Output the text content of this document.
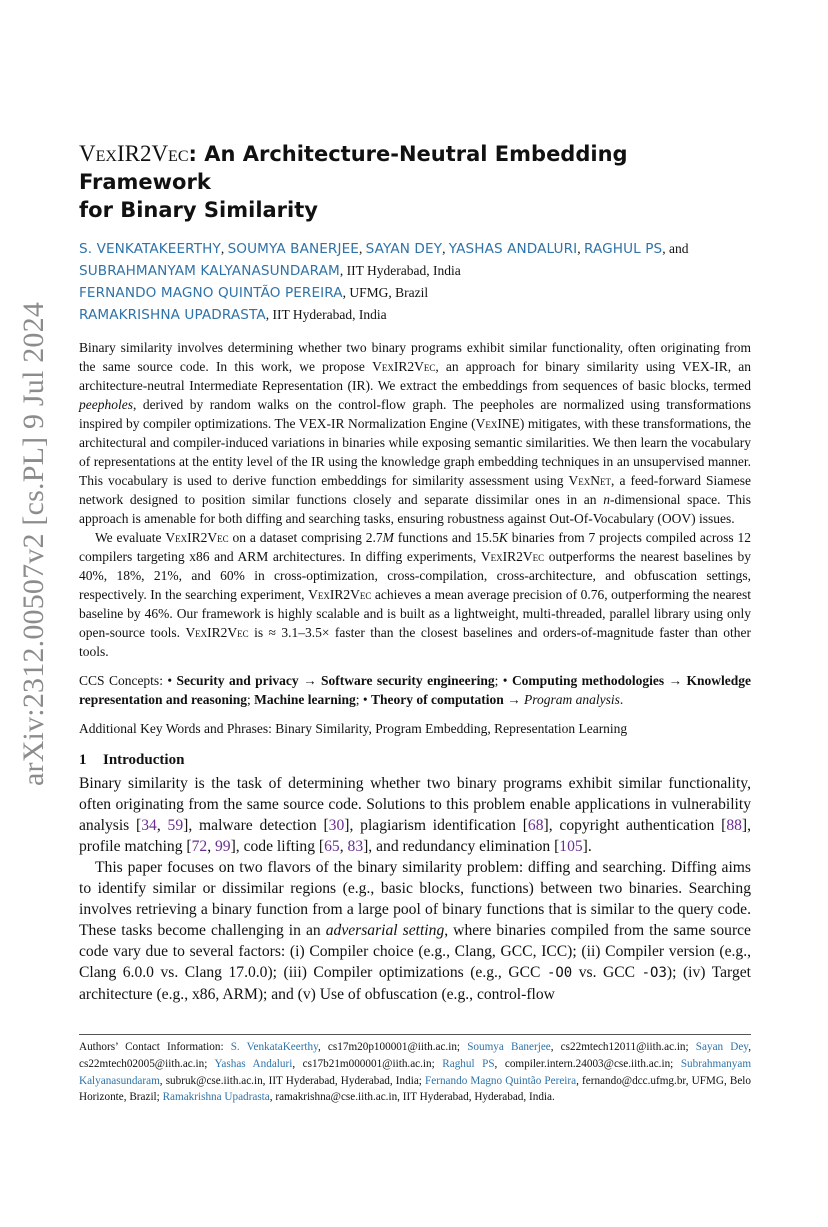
arXiv:2312.00507v2 [cs.PL] 9 Jul 2024
VexIR2Vec: An Architecture-Neutral Embedding Framework
for Binary Similarity
S. VENKATAKEERTHY, SOUMYA BANERJEE, SAYAN DEY, YASHAS ANDALURI, RAGHUL PS, and SUBRAHMANYAM KALYANASUNDARAM, IIT Hyderabad, India
FERNANDO MAGNO QUINTÃO PEREIRA, UFMG, Brazil
RAMAKRISHNA UPADRASTA, IIT Hyderabad, India

Binary similarity involves determining whether two binary programs exhibit similar functionality, often originating from the same source code. In this work, we propose VexIR2Vec, an approach for binary similarity using VEX-IR, an architecture-neutral Intermediate Representation (IR). We extract the embeddings from sequences of basic blocks, termed peepholes, derived by random walks on the control-flow graph. The peepholes are normalized using transformations inspired by compiler optimizations. The VEX-IR Normalization Engine (VexINE) mitigates, with these transformations, the architectural and compiler-induced variations in binaries while exposing semantic similarities. We then learn the vocabulary of representations at the entity level of the IR using the knowledge graph embedding techniques in an unsupervised manner. This vocabulary is used to derive function embeddings for similarity assessment using VexNet, a feed-forward Siamese network designed to position similar functions closely and separate dissimilar ones in an n-dimensional space. This approach is amenable for both diffing and searching tasks, ensuring robustness against Out-Of-Vocabulary (OOV) issues.

We evaluate VexIR2Vec on a dataset comprising 2.7M functions and 15.5K binaries from 7 projects compiled across 12 compilers targeting x86 and ARM architectures. In diffing experiments, VexIR2Vec outperforms the nearest baselines by 40%, 18%, 21%, and 60% in cross-optimization, cross-compilation, cross-architecture, and obfuscation settings, respectively. In the searching experiment, VexIR2Vec achieves a mean average precision of 0.76, outperforming the nearest baseline by 46%. Our framework is highly scalable and is built as a lightweight, multi-threaded, parallel library using only open-source tools. VexIR2Vec is ≈ 3.1–3.5× faster than the closest baselines and orders-of-magnitude faster than other tools.

CCS Concepts: • Security and privacy → Software security engineering; • Computing methodologies → Knowledge representation and reasoning; Machine learning; • Theory of computation → Program analysis.

Additional Key Words and Phrases: Binary Similarity, Program Embedding, Representation Learning

1 Introduction

Binary similarity is the task of determining whether two binary programs exhibit similar functionality, often originating from the same source code. Solutions to this problem enable applications in vulnerability analysis [34, 59], malware detection [30], plagiarism identification [68], copyright authentication [88], profile matching [72, 99], code lifting [65, 83], and redundancy elimination [105].

This paper focuses on two flavors of the binary similarity problem: diffing and searching. Diffing aims to identify similar or dissimilar regions (e.g., basic blocks, functions) between two binaries. Searching involves retrieving a binary function from a large pool of binary functions that is similar to the query code. These tasks become challenging in an adversarial setting, where binaries compiled from the same source code vary due to several factors: (i) Compiler choice (e.g., Clang, GCC, ICC); (ii) Compiler version (e.g., Clang 6.0.0 vs. Clang 17.0.0); (iii) Compiler optimizations (e.g., GCC -O0 vs. GCC -O3); (iv) Target architecture (e.g., x86, ARM); and (v) Use of obfuscation (e.g., control-flow

Authors’ Contact Information: S. VenkataKeerthy, cs17m20p100001@iith.ac.in; Soumya Banerjee, cs22mtech12011@iith.ac.in; Sayan Dey, cs22mtech02005@iith.ac.in; Yashas Andaluri, cs17b21m000001@iith.ac.in; Raghul PS, compiler.intern.24003@cse.iith.ac.in; Subrahmanyam Kalyanasundaram, subruk@cse.iith.ac.in, IIT Hyderabad, Hyderabad, India; Fernando Magno Quintão Pereira, fernando@dcc.ufmg.br, UFMG, Belo Horizonte, Brazil; Ramakrishna Upadrasta, ramakrishna@cse.iith.ac.in, IIT Hyderabad, Hyderabad, India.
